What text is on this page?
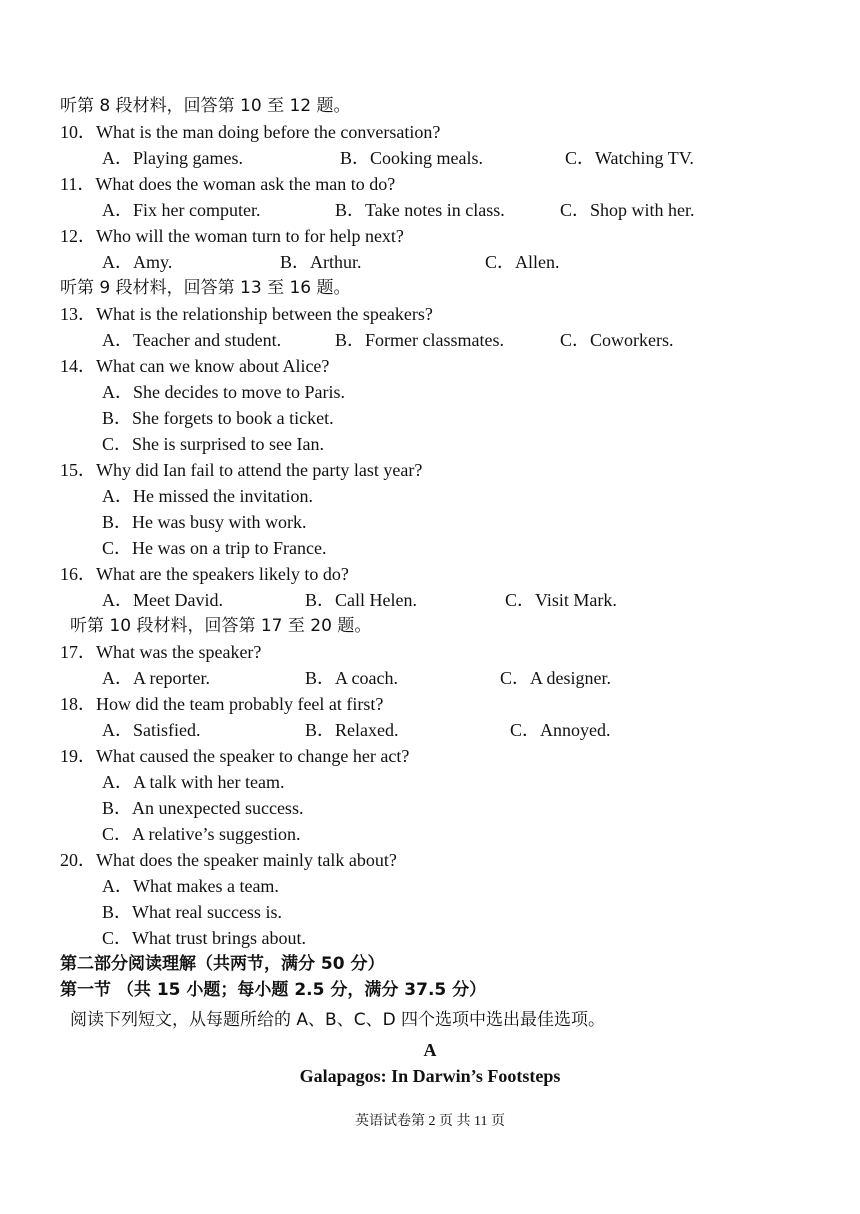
听第 8 段材料，回答第 10 至 12 题。
10．What is the man doing before the conversation?
A．Playing games.	B．Cooking meals.	C．Watching TV.
11．What does the woman ask the man to do?
A．Fix her computer.	B．Take notes in class.	C．Shop with her.
12．Who will the woman turn to for help next?
A．Amy.	B．Arthur.	C．Allen.
听第 9 段材料，回答第 13 至 16 题。
13．What is the relationship between the speakers?
A．Teacher and student.	B．Former classmates.	C．Coworkers.
14．What can we know about Alice?
A．She decides to move to Paris.
B．She forgets to book a ticket.
C．She is surprised to see Ian.
15．Why did Ian fail to attend the party last year?
A．He missed the invitation.
B．He was busy with work.
C．He was on a trip to France.
16．What are the speakers likely to do?
A．Meet David.	B．Call Helen.	C．Visit Mark.
听第 10 段材料，回答第 17 至 20 题。
17．What was the speaker?
A．A reporter.	B．A coach.	C．A designer.
18．How did the team probably feel at first?
A．Satisfied.	B．Relaxed.	C．Annoyed.
19．What caused the speaker to change her act?
A．A talk with her team.
B．An unexpected success.
C．A relative’s suggestion.
20．What does the speaker mainly talk about?
A．What makes a team.
B．What real success is.
C．What trust brings about.
第二部分阅读理解（共两节，满分 50 分）
第一节 （共 15 小题；每小题 2.5 分，满分 37.5 分）
阅读下列短文，从每题所给的 A、B、C、D 四个选项中选出最佳选项。
A
Galapagos: In Darwin’s Footsteps
英语试卷第 2 页 共 11 页
